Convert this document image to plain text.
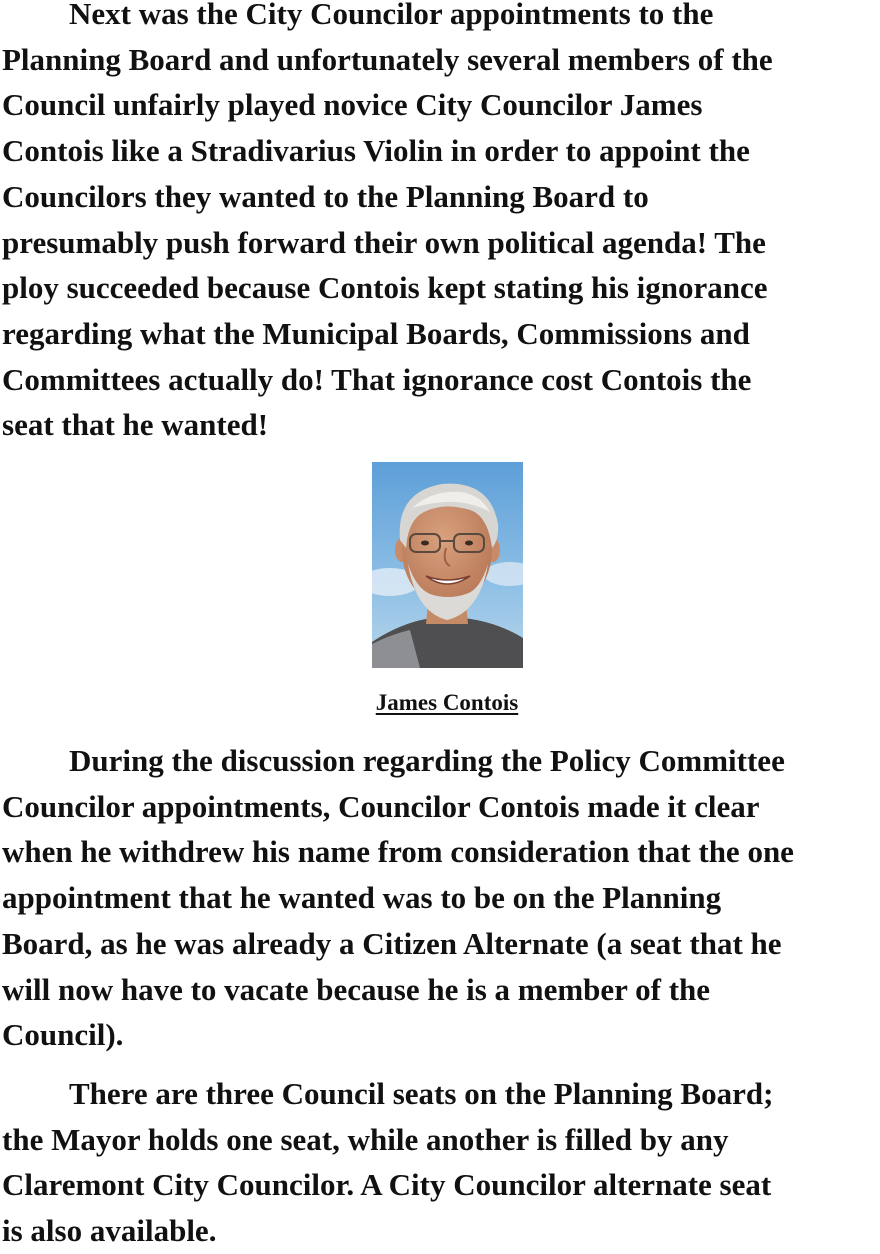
Next was the City Councilor appointments to the
Planning Board and unfortunately several members of the
Council unfairly played novice City Councilor James
Contois like a Stradivarius Violin in order to appoint the
Councilors they wanted to the Planning Board to
presumably push forward their own political agenda! The
ploy succeeded because Contois kept stating his ignorance
regarding what the Municipal Boards, Commissions and
Committees actually do! That ignorance cost Contois the
seat that he wanted!

James Contois

During the discussion regarding the Policy Committee
Councilor appointments, Councilor Contois made it clear
when he withdrew his name from consideration that the one
appointment that he wanted was to be on the Planning
Board, as he was already a Citizen Alternate (a seat that he
will now have to vacate because he is a member of the
Council).

There are three Council seats on the Planning Board;
the Mayor holds one seat, while another is filled by any
Claremont City Councilor. A City Councilor alternate seat
is also available.
